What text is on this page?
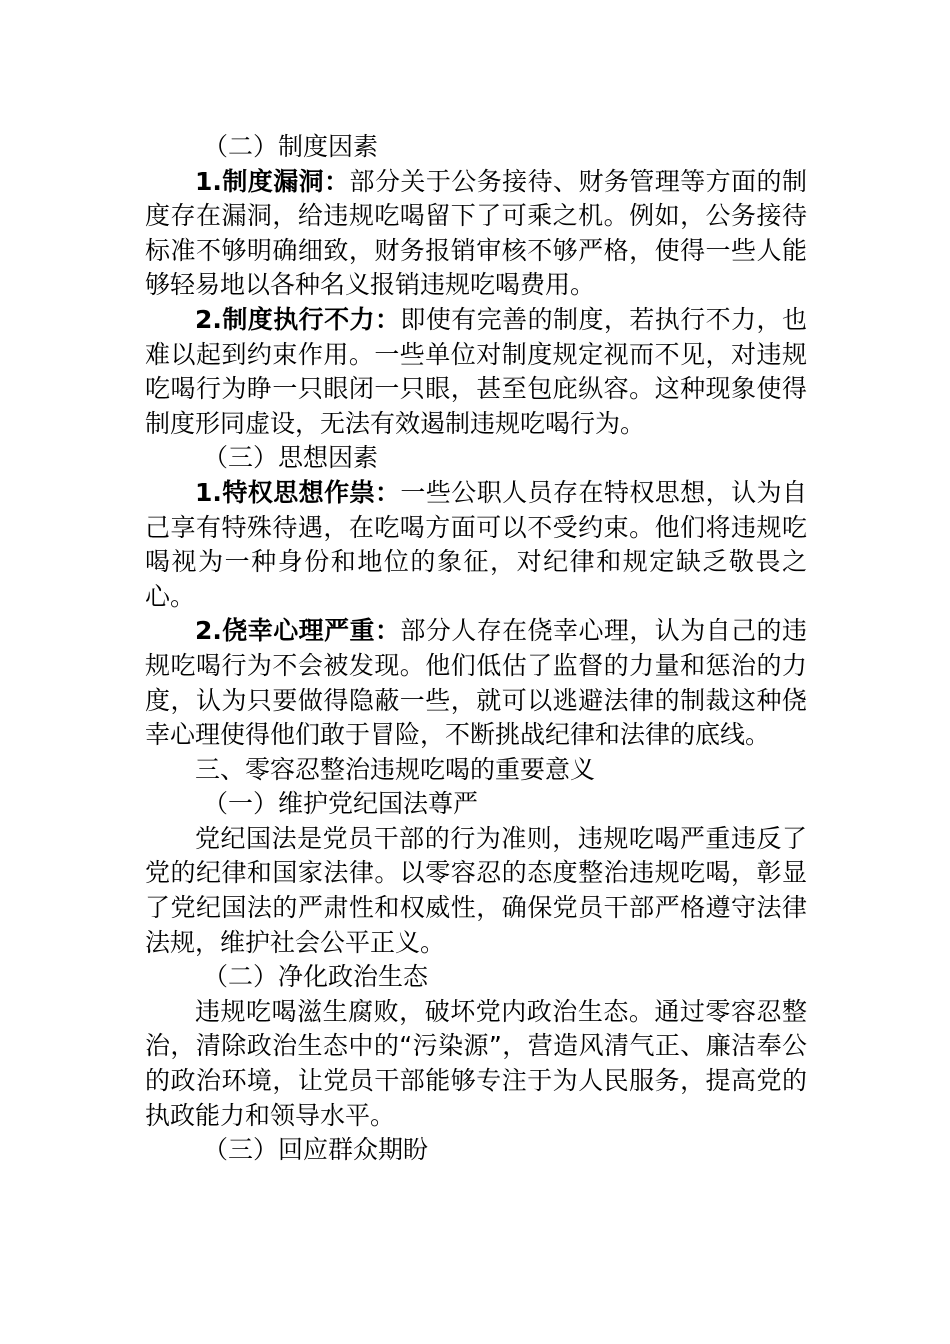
（二）制度因素

1.制度漏洞：部分关于公务接待、财务管理等方面的制度存在漏洞，给违规吃喝留下了可乘之机。例如，公务接待标准不够明确细致，财务报销审核不够严格，使得一些人能够轻易地以各种名义报销违规吃喝费用。

2.制度执行不力：即使有完善的制度，若执行不力，也难以起到约束作用。一些单位对制度规定视而不见，对违规吃喝行为睁一只眼闭一只眼，甚至包庇纵容。这种现象使得制度形同虚设，无法有效遏制违规吃喝行为。

（三）思想因素

1.特权思想作祟：一些公职人员存在特权思想，认为自己享有特殊待遇，在吃喝方面可以不受约束。他们将违规吃喝视为一种身份和地位的象征，对纪律和规定缺乏敬畏之心。

2.侥幸心理严重：部分人存在侥幸心理，认为自己的违规吃喝行为不会被发现。他们低估了监督的力量和惩治的力度，认为只要做得隐蔽一些，就可以逃避法律的制裁这种侥幸心理使得他们敢于冒险，不断挑战纪律和法律的底线。

三、零容忍整治违规吃喝的重要意义

（一）维护党纪国法尊严

党纪国法是党员干部的行为准则，违规吃喝严重违反了党的纪律和国家法律。以零容忍的态度整治违规吃喝，彰显了党纪国法的严肃性和权威性，确保党员干部严格遵守法律法规，维护社会公平正义。

（二）净化政治生态

违规吃喝滋生腐败，破坏党内政治生态。通过零容忍整治，清除政治生态中的“污染源”，营造风清气正、廉洁奉公的政治环境，让党员干部能够专注于为人民服务，提高党的执政能力和领导水平。

（三）回应群众期盼
